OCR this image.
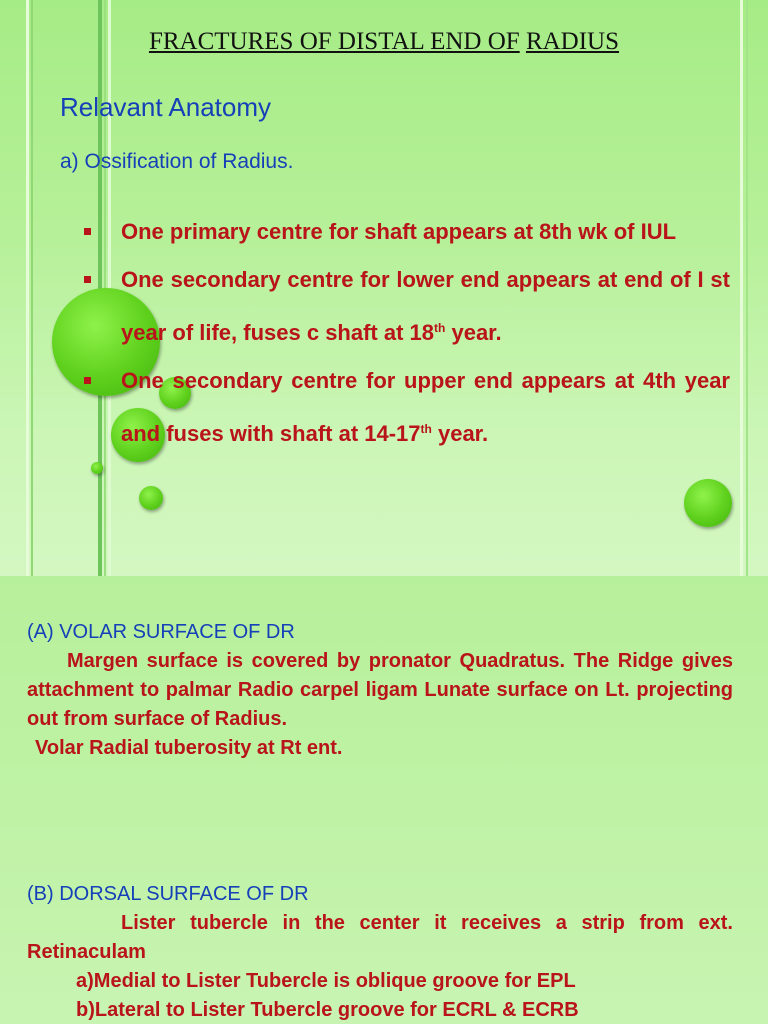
FRACTURES OF DISTAL END OF RADIUS
Relavant Anatomy
a) Ossification of Radius.
One primary centre for shaft appears at 8th wk of IUL
One secondary centre for lower end appears at end of I st year of life, fuses c shaft at 18th year.
One secondary centre for upper end appears at 4th year and fuses with shaft at 14-17th year.
(A) VOLAR SURFACE OF DR
Margen surface is covered by pronator Quadratus. The Ridge gives attachment to palmar Radio carpel ligam Lunate surface on Lt. projecting out from surface of Radius.
Volar Radial tuberosity at Rt ent.
(B) DORSAL SURFACE OF DR
Lister tubercle in the center it receives a strip from ext. Retinaculam
a)Medial to Lister Tubercle is oblique groove for EPL
b)Lateral to Lister Tubercle groove for ECRL & ECRB
